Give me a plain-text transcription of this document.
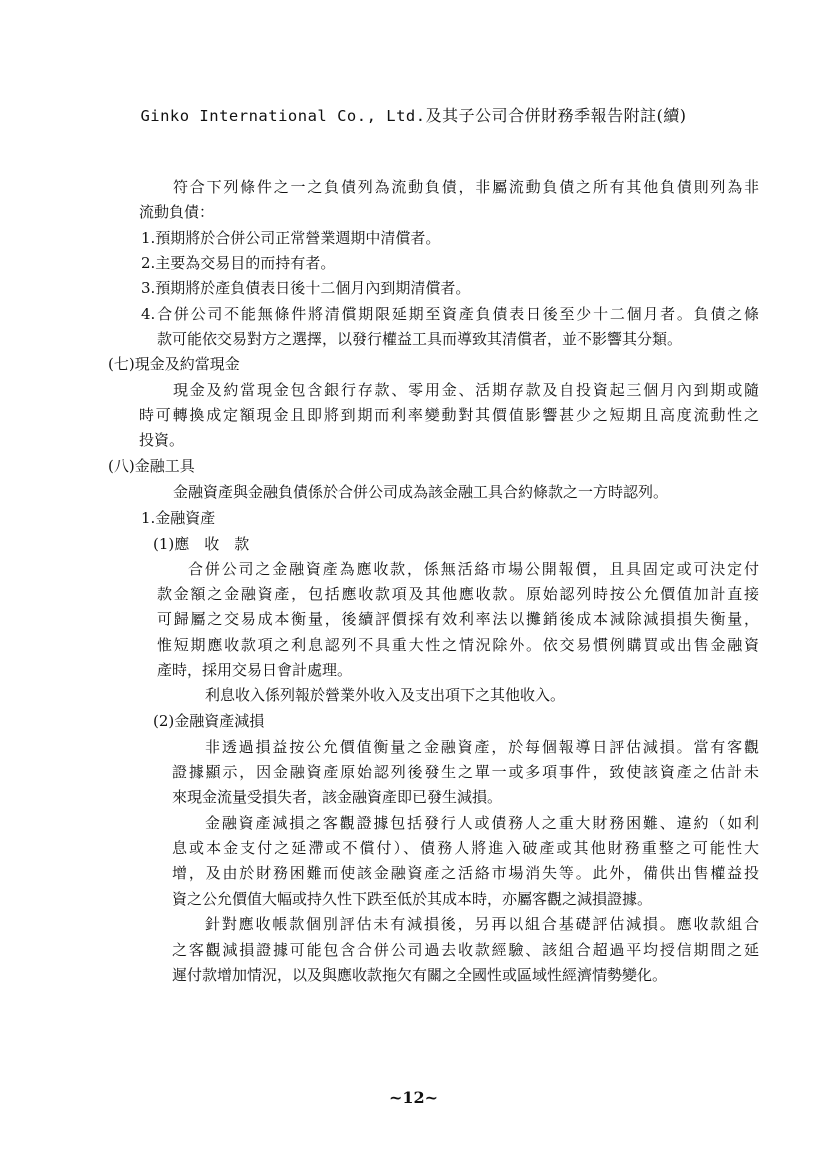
Ginko International Co., Ltd.及其子公司合併財務季報告附註(續)
符合下列條件之一之負債列為流動負債，非屬流動負債之所有其他負債則列為非
流動負債：
1.預期將於合併公司正常營業週期中清償者。
2.主要為交易目的而持有者。
3.預期將於產負債表日後十二個月內到期清償者。
4.合併公司不能無條件將清償期限延期至資產負債表日後至少十二個月者。負債之條
款可能依交易對方之選擇，以發行權益工具而導致其清償者，並不影響其分類。
(七)現金及約當現金
現金及約當現金包含銀行存款、零用金、活期存款及自投資起三個月內到期或隨
時可轉換成定額現金且即將到期而利率變動對其價值影響甚少之短期且高度流動性之
投資。
(八)金融工具
金融資產與金融負債係於合併公司成為該金融工具合約條款之一方時認列。
1.金融資產
(1)應　收　款
合併公司之金融資產為應收款，係無活絡市場公開報價，且具固定或可決定付
款金額之金融資產，包括應收款項及其他應收款。原始認列時按公允價值加計直接
可歸屬之交易成本衡量，後續評價採有效利率法以攤銷後成本減除減損損失衡量，
惟短期應收款項之利息認列不具重大性之情況除外。依交易慣例購買或出售金融資
產時，採用交易日會計處理。
利息收入係列報於營業外收入及支出項下之其他收入。
(2)金融資產減損
非透過損益按公允價值衡量之金融資產，於每個報導日評估減損。當有客觀
證據顯示，因金融資產原始認列後發生之單一或多項事件，致使該資產之估計未
來現金流量受損失者，該金融資產即已發生減損。
金融資產減損之客觀證據包括發行人或債務人之重大財務困難、違約（如利
息或本金支付之延滯或不償付）、債務人將進入破產或其他財務重整之可能性大
增，及由於財務困難而使該金融資產之活絡市場消失等。此外，備供出售權益投
資之公允價值大幅或持久性下跌至低於其成本時，亦屬客觀之減損證據。
針對應收帳款個別評估未有減損後，另再以組合基礎評估減損。應收款組合
之客觀減損證據可能包含合併公司過去收款經驗、該組合超過平均授信期間之延
遲付款增加情況，以及與應收款拖欠有關之全國性或區域性經濟情勢變化。
~12~
